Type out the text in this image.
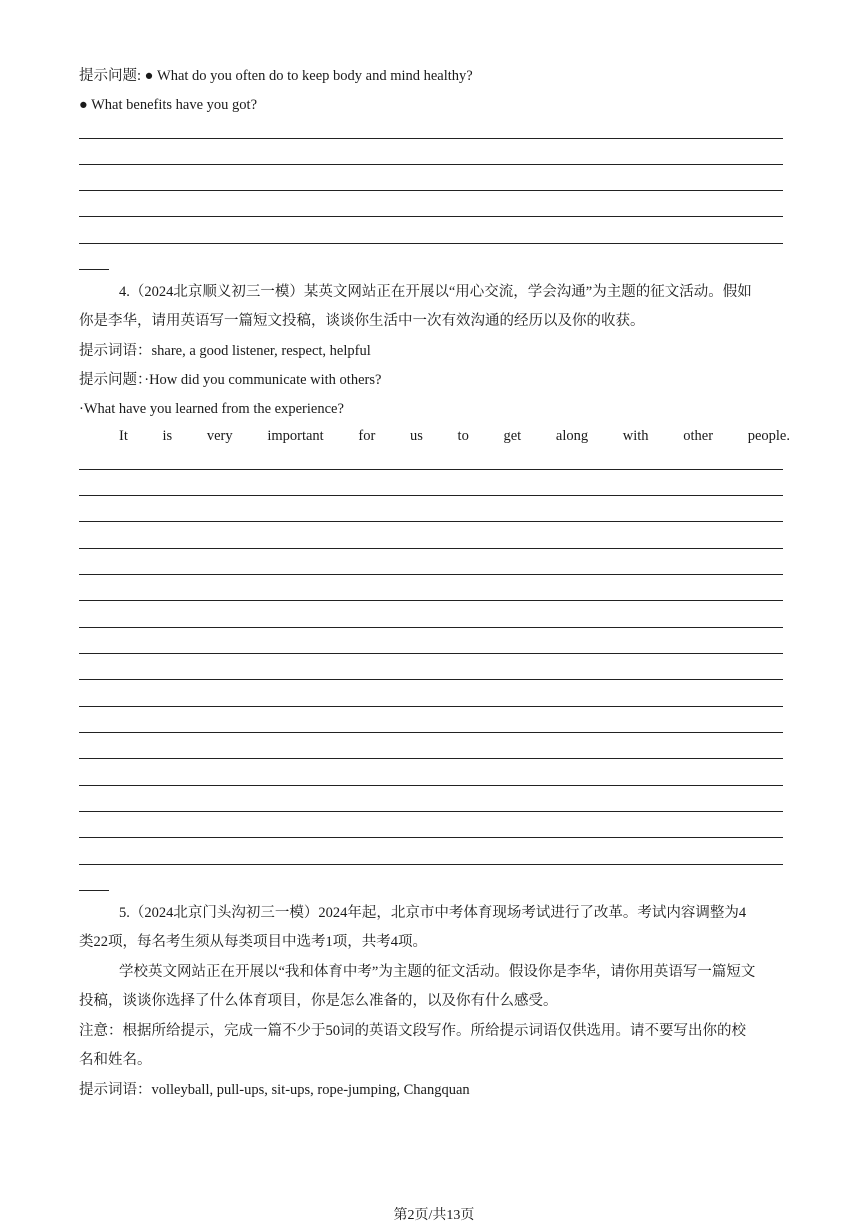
提示问题: ● What do you often do to keep body and mind healthy?
● What benefits have you got?
4.（2024北京顺义初三一模）某英文网站正在开展以“用心交流，学会沟通”为主题的征文活动。假如
你是李华，请用英语写一篇短文投稿，谈谈你生活中一次有效沟通的经历以及你的收获。
提示词语：share, a good listener, respect, helpful
提示问题：·How did you communicate with others?
·What have you learned from the experience?
It is very important for us to get along with other people.
5.（2024北京门头沟初三一模）2024年起，北京市中考体育现场考试进行了改革。考试内容调整为4
类22项，每名考生须从每类项目中选考1项，共考4项。
学校英文网站正在开展以“我和体育中考”为主题的征文活动。假设你是李华，请你用英语写一篇短文
投稿，谈谈你选择了什么体育项目，你是怎么准备的，以及你有什么感受。
注意：根据所给提示，完成一篇不少于50词的英语文段写作。所给提示词语仅供选用。请不要写出你的校
名和姓名。
提示词语：volleyball, pull-ups, sit-ups, rope-jumping, Changquan
第2页/共13页
